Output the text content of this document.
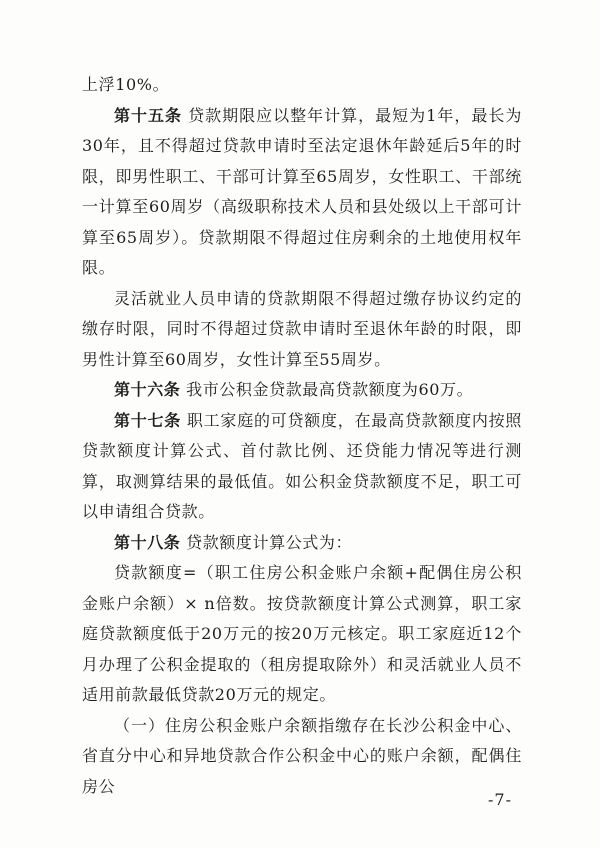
上浮10%。

第十五条 贷款期限应以整年计算，最短为1年，最长为30年，且不得超过贷款申请时至法定退休年龄延后5年的时限，即男性职工、干部可计算至65周岁，女性职工、干部统一计算至60周岁（高级职称技术人员和县处级以上干部可计算至65周岁）。贷款期限不得超过住房剩余的土地使用权年限。

灵活就业人员申请的贷款期限不得超过缴存协议约定的缴存时限，同时不得超过贷款申请时至退休年龄的时限，即男性计算至60周岁，女性计算至55周岁。

第十六条 我市公积金贷款最高贷款额度为60万。

第十七条 职工家庭的可贷额度，在最高贷款额度内按照贷款额度计算公式、首付款比例、还贷能力情况等进行测算，取测算结果的最低值。如公积金贷款额度不足，职工可以申请组合贷款。

第十八条 贷款额度计算公式为：

贷款额度=（职工住房公积金账户余额+配偶住房公积金账户余额）× n倍数。按贷款额度计算公式测算，职工家庭贷款额度低于20万元的按20万元核定。职工家庭近12个月办理了公积金提取的（租房提取除外）和灵活就业人员不适用前款最低贷款20万元的规定。

（一）住房公积金账户余额指缴存在长沙公积金中心、省直分中心和异地贷款合作公积金中心的账户余额，配偶住房公

-7-
